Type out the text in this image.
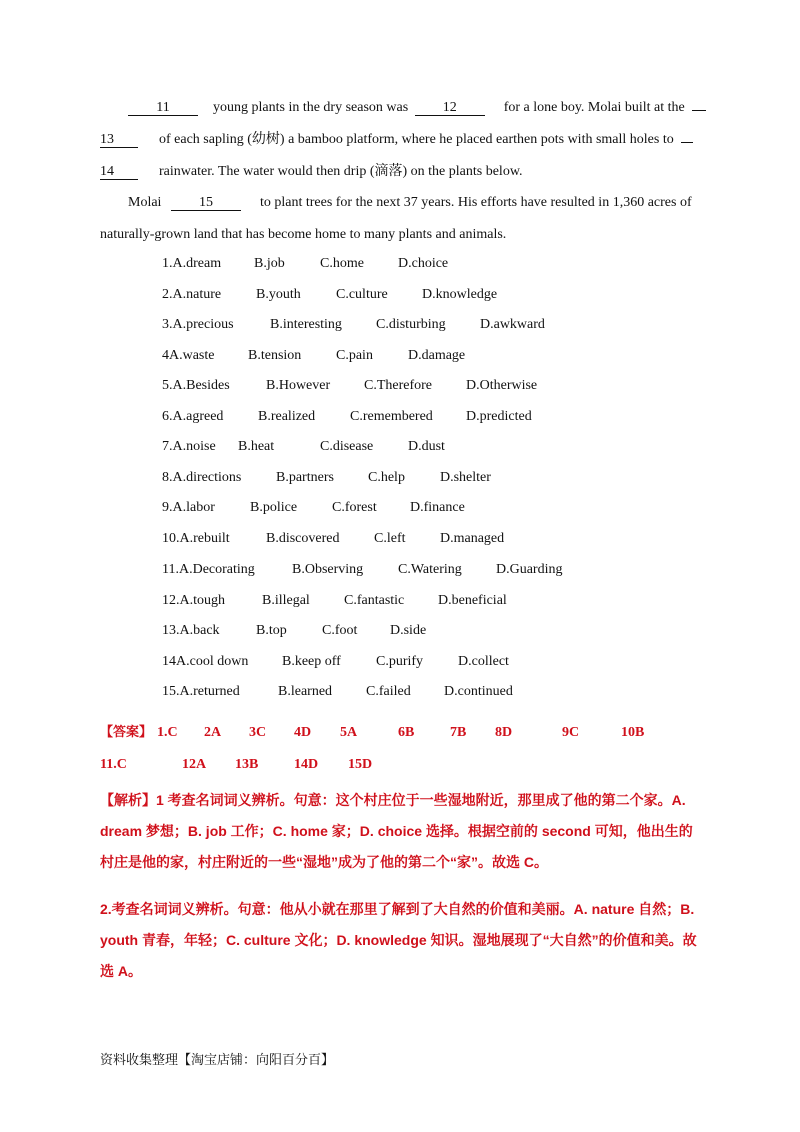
11	young plants in the dry season was 12	for a lone boy. Molai built at the
13	of each sapling (幼树) a bamboo platform, where he placed earthen pots with small holes to
14	rainwater. The water would then drip (滴落) on the plants below.
Molai	15	to plant trees for the next 37 years. His efforts have resulted in 1,360 acres of
naturally-grown land that has become home to many plants and animals.
1.A.dream B.job	C.home D.choice
2.A.nature B.youth	C.culture D.knowledge
3.A.precious	B.interesting C.disturbing D.awkward
4A.waste B.tension C.pain	D.damage
5.A.Besides	B.However C.Therefore D.Otherwise
6.A.agreed B.realized C.remembered D.predicted
7.A.noise B.heat	C.disease D.dust
8.A.directions B.partners C.help	D.shelter
9.A.labor	B.police C.forest D.finance
10.A.rebuilt	B.discovered C.left D.managed
11.A.Decorating	B.Observing C.Watering D.Guarding
12.A.tough	B.illegal C.fantastic D.beneficial
13.A.back	B.top	C.foot D.side
14A.cool down B.keep off	C.purify D.collect
15.A.returned	B.learned C.failed D.continued
【答案】 1.C 2A 3C 4D 5A	6B	7B 8D	9C	10B
11.C	12A 13B	14D 15D
【解析】1 考查名词词义辨析。句意：这个村庄位于一些湿地附近，那里成了他的第二个家。A. dream 梦想；B. job 工作；C. home 家；D. choice 选择。根据空前的 second 可知，他出生的村庄是他的家，村庄附近的一些“湿地”成为了他的第二个“家”。故选 C。
2.考查名词词义辨析。句意：他从小就在那里了解到了大自然的价值和美丽。A. nature 自然；B. youth 青春，年轻；C. culture 文化；D. knowledge 知识。湿地展现了“大自然”的价值和美。故选 A。
资料收集整理【淘宝店铺：向阳百分百】
